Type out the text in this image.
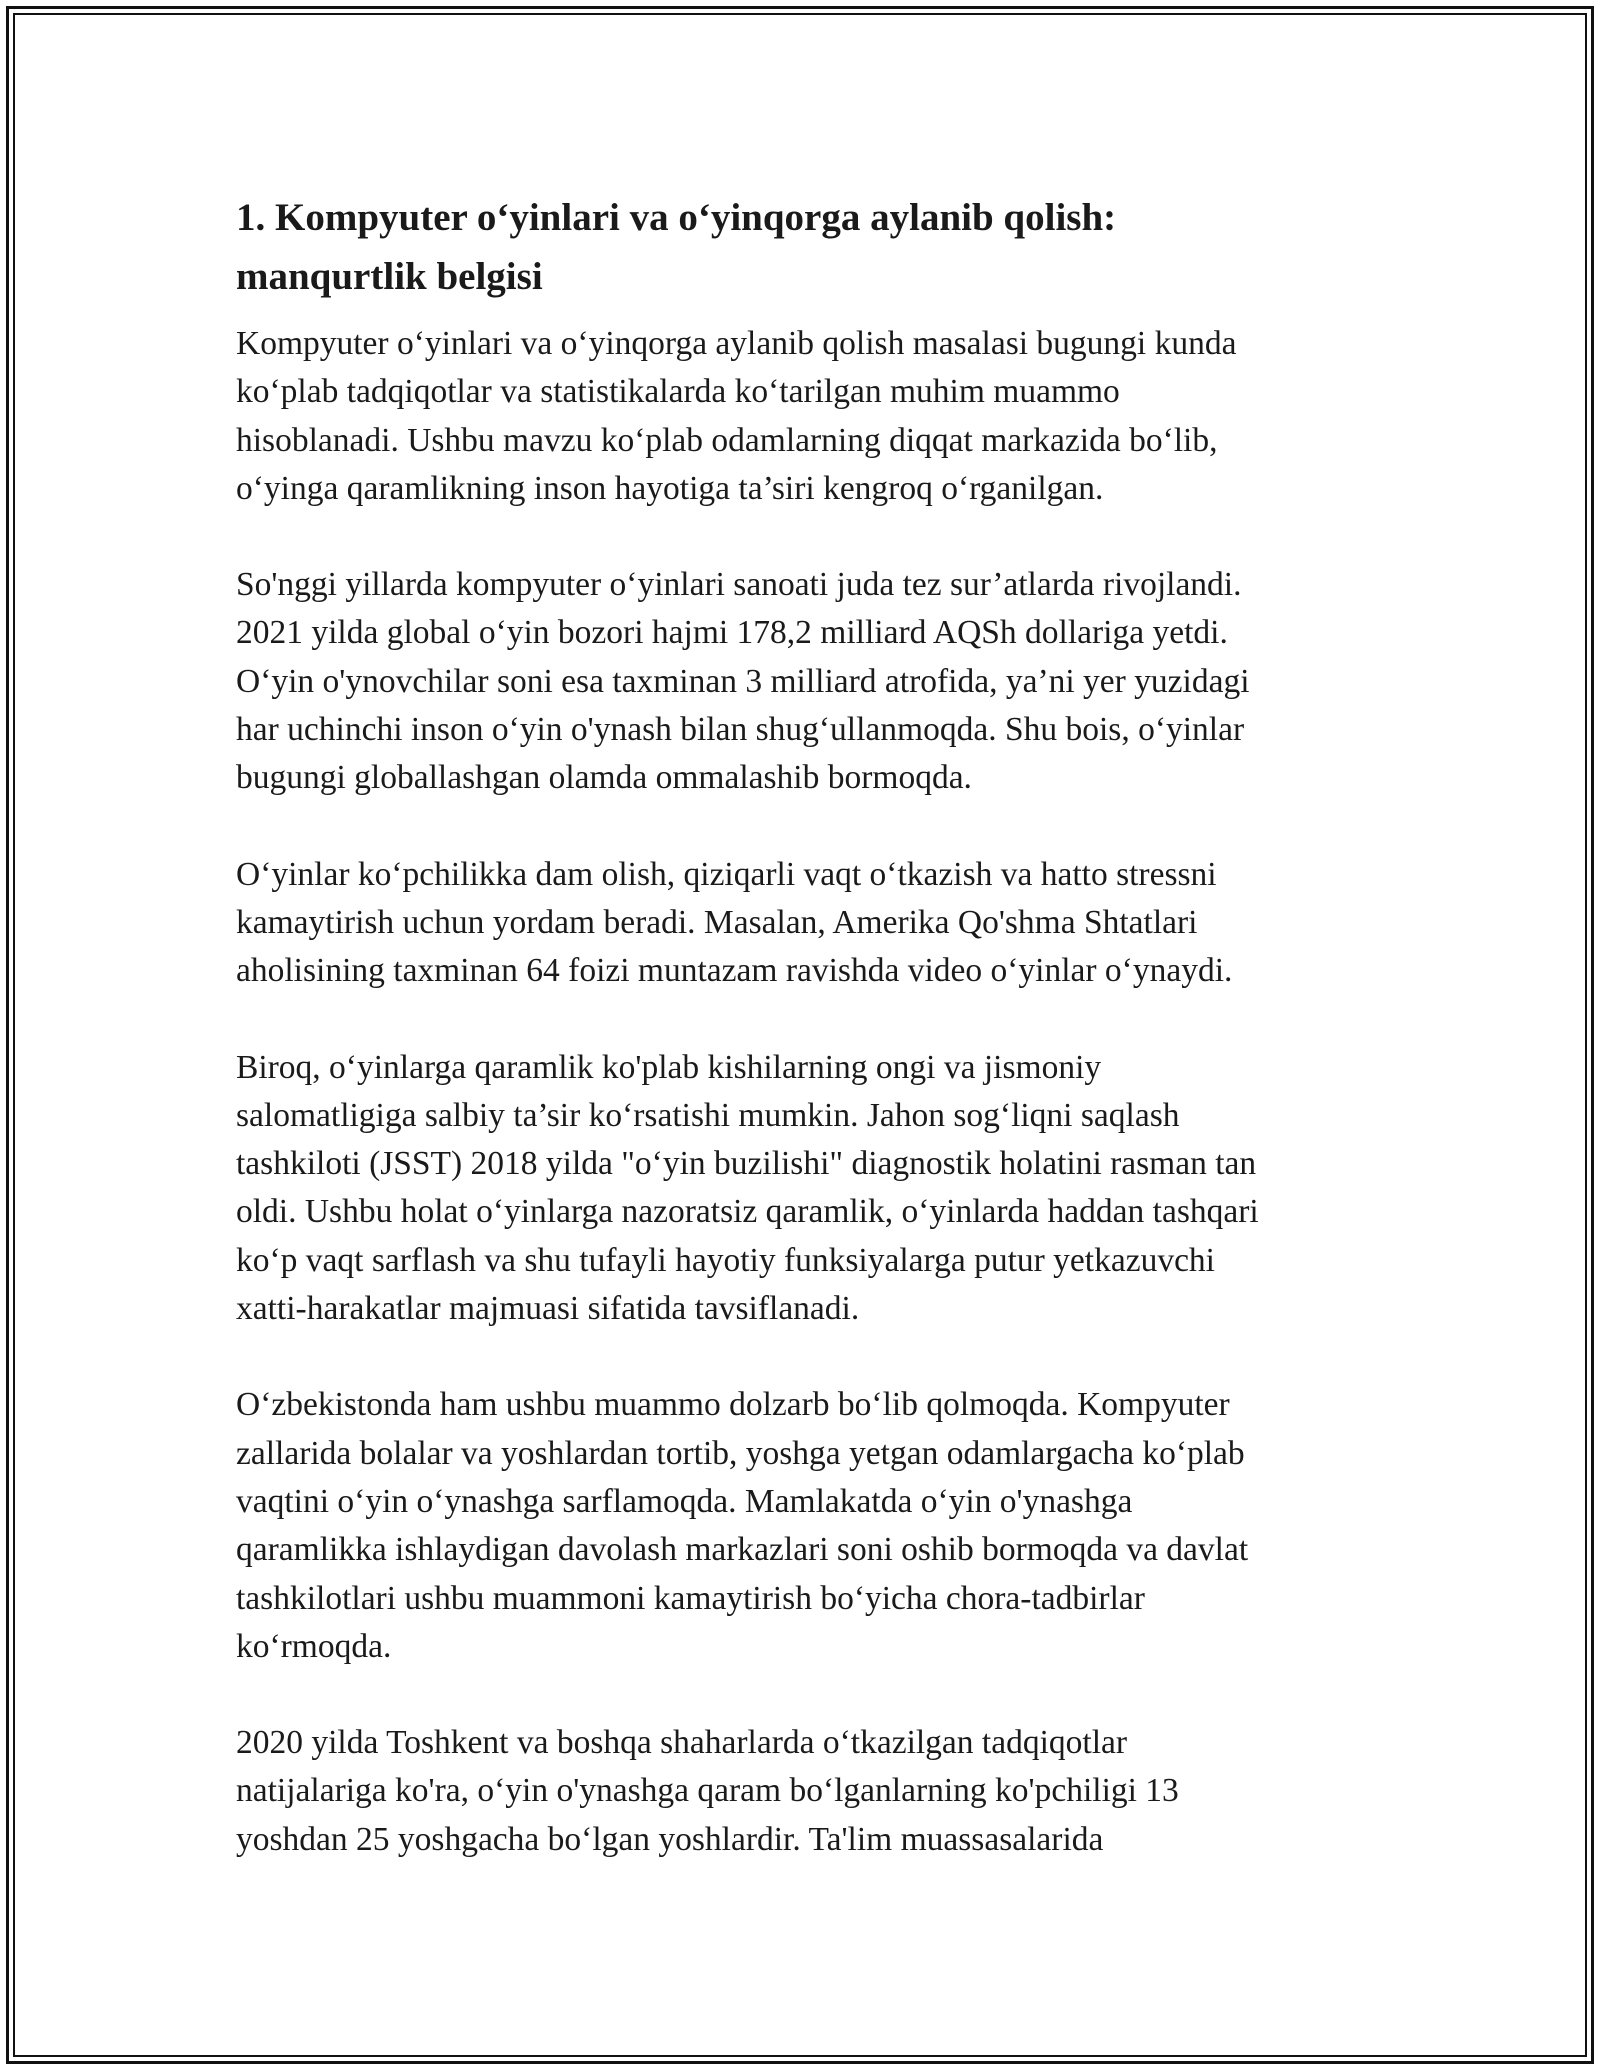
1. Kompyuter o‘yinlari va o‘yinqorga aylanib qolish:
manqurtlik belgisi
Kompyuter o‘yinlari va o‘yinqorga aylanib qolish masalasi bugungi kunda
ko‘plab tadqiqotlar va statistikalarda ko‘tarilgan muhim muammo
hisoblanadi. Ushbu mavzu ko‘plab odamlarning diqqat markazida bo‘lib,
o‘yinga qaramlikning inson hayotiga ta’siri kengroq o‘rganilgan.
So'nggi yillarda kompyuter o‘yinlari sanoati juda tez sur’atlarda rivojlandi.
2021 yilda global o‘yin bozori hajmi 178,2 milliard AQSh dollariga yetdi.
O‘yin o'ynovchilar soni esa taxminan 3 milliard atrofida, ya’ni yer yuzidagi
har uchinchi inson o‘yin o'ynash bilan shug‘ullanmoqda. Shu bois, o‘yinlar
bugungi globallashgan olamda ommalashib bormoqda.
O‘yinlar ko‘pchilikka dam olish, qiziqarli vaqt o‘tkazish va hatto stressni
kamaytirish uchun yordam beradi. Masalan, Amerika Qo'shma Shtatlari
aholisining taxminan 64 foizi muntazam ravishda video o‘yinlar o‘ynaydi.
Biroq, o‘yinlarga qaramlik ko'plab kishilarning ongi va jismoniy
salomatligiga salbiy ta’sir ko‘rsatishi mumkin. Jahon sog‘liqni saqlash
tashkiloti (JSST) 2018 yilda "o‘yin buzilishi" diagnostik holatini rasman tan
oldi. Ushbu holat o‘yinlarga nazoratsiz qaramlik, o‘yinlarda haddan tashqari
ko‘p vaqt sarflash va shu tufayli hayotiy funksiyalarga putur yetkazuvchi
xatti-harakatlar majmuasi sifatida tavsiflanadi.
O‘zbekistonda ham ushbu muammo dolzarb bo‘lib qolmoqda. Kompyuter
zallarida bolalar va yoshlardan tortib, yoshga yetgan odamlargacha ko‘plab
vaqtini o‘yin o‘ynashga sarflamoqda. Mamlakatda o‘yin o'ynashga
qaramlikka ishlaydigan davolash markazlari soni oshib bormoqda va davlat
tashkilotlari ushbu muammoni kamaytirish bo‘yicha chora-tadbirlar
ko‘rmoqda.
2020 yilda Toshkent va boshqa shaharlarda o‘tkazilgan tadqiqotlar
natijalariga ko'ra, o‘yin o'ynashga qaram bo‘lganlarning ko'pchiligi 13
yoshdan 25 yoshgacha bo‘lgan yoshlardir. Ta'lim muassasalarida
